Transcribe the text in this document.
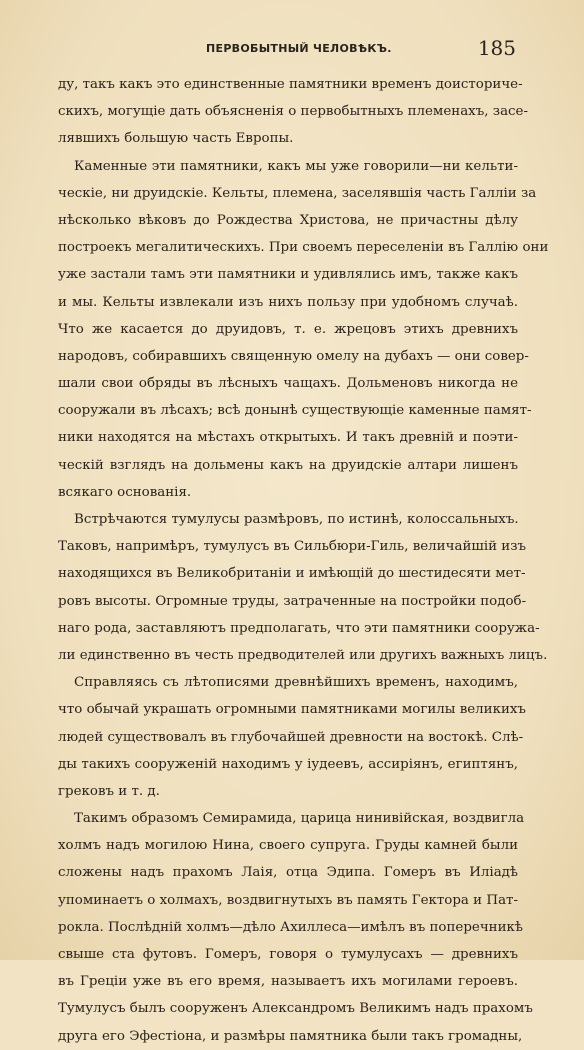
ПЕРВОБЫТНЫЙ ЧЕЛОВѢКЪ.	185
ду, такъ какъ это единственные памятники временъ доисториче-
скихъ, могущіе дать объясненія о первобытныхъ племенахъ, засе-
лявшихъ большую часть Европы.
Каменные эти памятники, какъ мы уже говорили—ни кельти-
ческіе, ни друидскіе. Кельты, племена, заселявшія часть Галліи за
нѣсколько вѣковъ до Рождества Христова, не причастны дѣлу
построекъ мегалитическихъ. При своемъ переселеніи въ Галлію они
уже застали тамъ эти памятники и удивлялись имъ, также какъ
и мы. Кельты извлекали изъ нихъ пользу при удобномъ случаѣ.
Что же касается до друидовъ, т. е. жрецовъ этихъ древнихъ
народовъ, собиравшихъ священную омелу на дубахъ — они совер-
шали свои обряды въ лѣсныхъ чащахъ. Дольменовъ никогда не
сооружали въ лѣсахъ; всѣ донынѣ существующіе каменные памят-
ники находятся на мѣстахъ открытыхъ. И такъ древній и поэти-
ческій взглядъ на дольмены какъ на друидскіе алтари лишенъ
всякаго основанія.
Встрѣчаются тумулусы размѣровъ, по истинѣ, колоссальныхъ.
Таковъ, напримѣръ, тумулусъ въ Сильбюри-Гиль, величайшій изъ
находящихся въ Великобританіи и имѣющій до шестидесяти мет-
ровъ высоты. Огромные труды, затраченные на постройки подоб-
наго рода, заставляютъ предполагать, что эти памятники сооружа-
ли единственно въ честь предводителей или другихъ важныхъ лицъ.
Справляясь съ лѣтописями древнѣйшихъ временъ, находимъ,
что обычай украшать огромными памятниками могилы великихъ
людей существовалъ въ глубочайшей древности на востокѣ. Слѣ-
ды такихъ сооруженій находимъ у іудеевъ, ассиріянъ, египтянъ,
грековъ и т. д.
Такимъ образомъ Семирамида, царица нинивійская, воздвигла
холмъ надъ могилою Нина, своего супруга. Груды камней были
сложены надъ прахомъ Лаія, отца Эдипа. Гомеръ въ Иліадѣ
упоминаетъ о холмахъ, воздвигнутыхъ въ память Гектора и Пат-
рокла. Послѣдній холмъ—дѣло Ахиллеса—имѣлъ въ поперечникѣ
свыше ста футовъ. Гомеръ, говоря о тумулусахъ — древнихъ
въ Греціи уже въ его время, называетъ ихъ могилами героевъ.
Тумулусъ былъ сооруженъ Александромъ Великимъ надъ прахомъ
друга его Эфестіона, и размѣры памятника были такъ громадны,
